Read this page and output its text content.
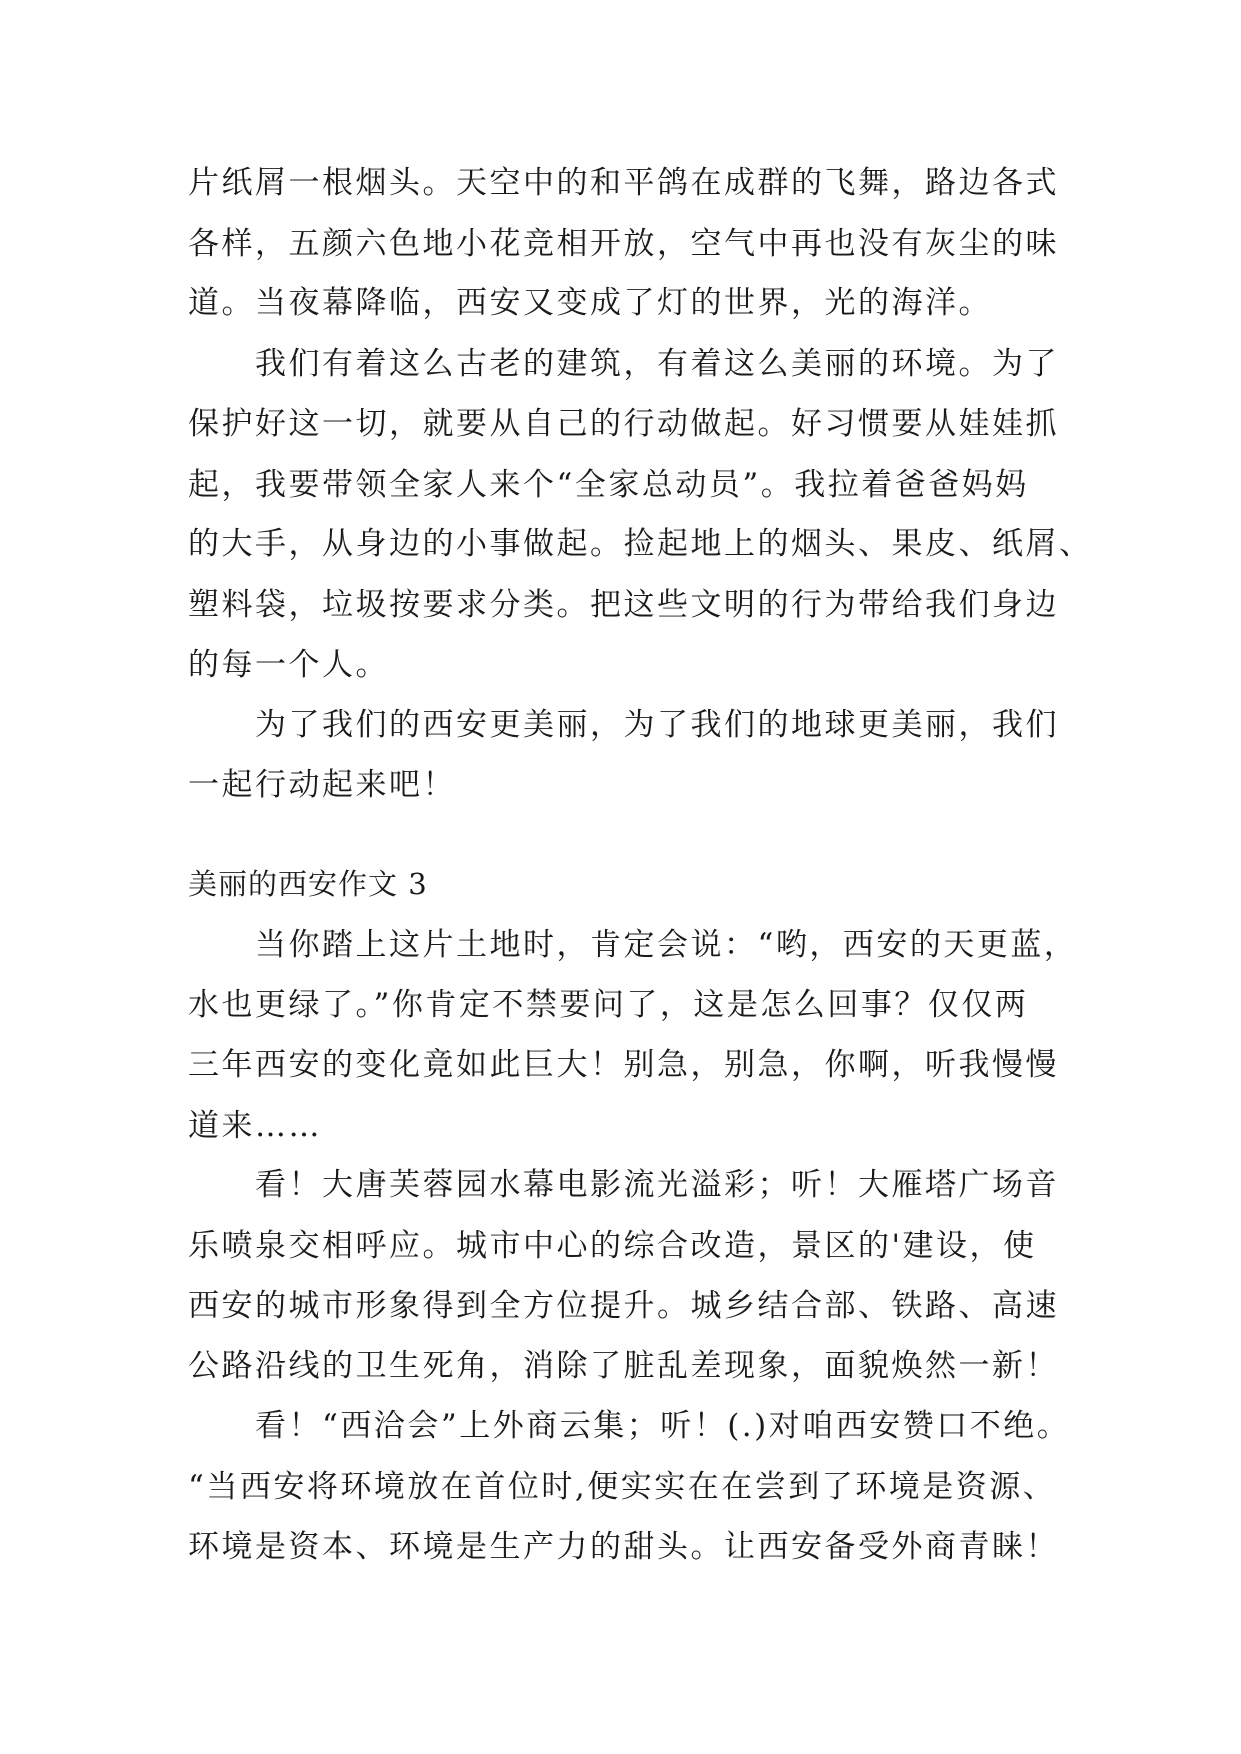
片纸屑一根烟头。天空中的和平鸽在成群的飞舞，路边各式
各样，五颜六色地小花竞相开放，空气中再也没有灰尘的味
道。当夜幕降临，西安又变成了灯的世界，光的海洋。
我们有着这么古老的建筑，有着这么美丽的环境。为了
保护好这一切，就要从自己的行动做起。好习惯要从娃娃抓
起，我要带领全家人来个“全家总动员”。我拉着爸爸妈妈
的大手，从身边的小事做起。捡起地上的烟头、果皮、纸屑、
塑料袋，垃圾按要求分类。把这些文明的行为带给我们身边
的每一个人。
为了我们的西安更美丽，为了我们的地球更美丽，我们
一起行动起来吧！
美丽的西安作文 3
当你踏上这片土地时，肯定会说：“哟，西安的天更蓝，
水也更绿了。”你肯定不禁要问了，这是怎么回事？仅仅两
三年西安的变化竟如此巨大！别急，别急，你啊，听我慢慢
道来……
看！大唐芙蓉园水幕电影流光溢彩；听！大雁塔广场音
乐喷泉交相呼应。城市中心的综合改造，景区的'建设，使
西安的城市形象得到全方位提升。城乡结合部、铁路、高速
公路沿线的卫生死角，消除了脏乱差现象，面貌焕然一新！
看！“西洽会”上外商云集；听！(.)对咱西安赞口不绝。
“当西安将环境放在首位时,便实实在在尝到了环境是资源、
环境是资本、环境是生产力的甜头。让西安备受外商青睐！
